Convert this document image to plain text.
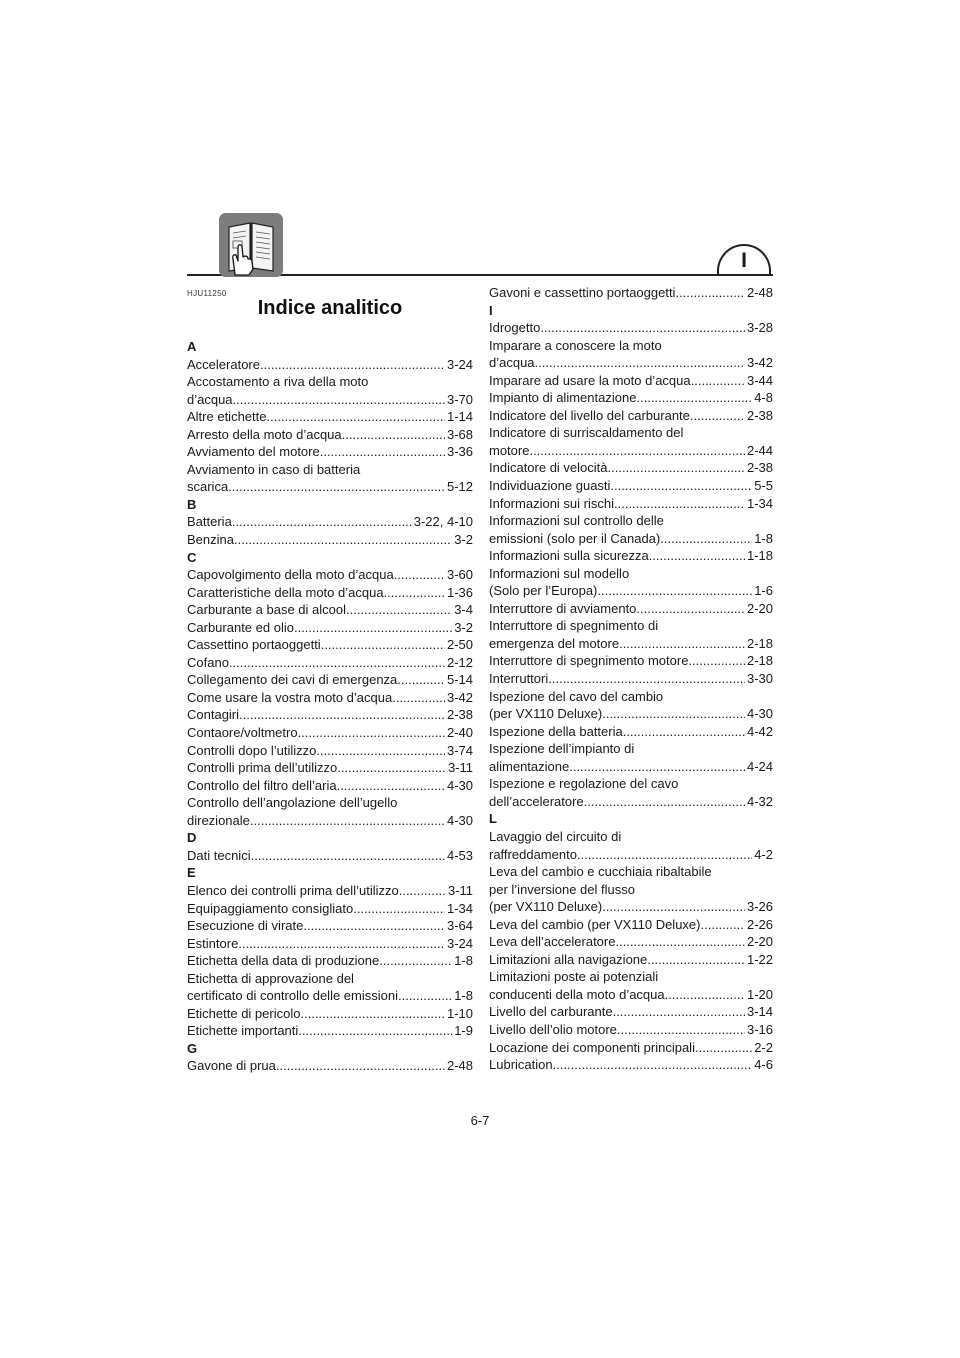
I
HJU11250
Indice analitico
A
Acceleratore .....	3-24
Accostamento a riva della moto
d’acqua .....	3-70
Altre etichette .....	1-14
Arresto della moto d’acqua .....	3-68
Avviamento del motore .....	3-36
Avviamento in caso di batteria
scarica .....	5-12
B
Batteria .....	3-22, 4-10
Benzina .....	3-2
C
Capovolgimento della moto d’acqua .....	3-60
Caratteristiche della moto d’acqua .....	1-36
Carburante a base di alcool .....	3-4
Carburante ed olio .....	3-2
Cassettino portaoggetti .....	2-50
Cofano .....	2-12
Collegamento dei cavi di emergenza .....	5-14
Come usare la vostra moto d’acqua .....	3-42
Contagiri .....	2-38
Contaore/voltmetro .....	2-40
Controlli dopo l’utilizzo .....	3-74
Controlli prima dell’utilizzo .....	3-11
Controllo del filtro dell’aria .....	4-30
Controllo dell’angolazione dell’ugello
direzionale .....	4-30
D
Dati tecnici .....	4-53
E
Elenco dei controlli prima dell’utilizzo .....	3-11
Equipaggiamento consigliato .....	1-34
Esecuzione di virate .....	3-64
Estintore .....	3-24
Etichetta della data di produzione .....	1-8
Etichetta di approvazione del
certificato di controllo delle emissioni .....	1-8
Etichette di pericolo .....	1-10
Etichette importanti .....	1-9
G
Gavone di prua .....	2-48
Gavoni e cassettino portaoggetti .....	2-48
I
Idrogetto .....	3-28
Imparare a conoscere la moto
d’acqua .....	3-42
Imparare ad usare la moto d’acqua .....	3-44
Impianto di alimentazione .....	4-8
Indicatore del livello del carburante .....	2-38
Indicatore di surriscaldamento del
motore .....	2-44
Indicatore di velocità .....	2-38
Individuazione guasti .....	5-5
Informazioni sui rischi .....	1-34
Informazioni sul controllo delle
emissioni (solo per il Canada) .....	1-8
Informazioni sulla sicurezza .....	1-18
Informazioni sul modello
(Solo per l’Europa) .....	1-6
Interruttore di avviamento .....	2-20
Interruttore di spegnimento di
emergenza del motore .....	2-18
Interruttore di spegnimento motore .....	2-18
Interruttori .....	3-30
Ispezione del cavo del cambio
(per VX110 Deluxe) .....	4-30
Ispezione della batteria .....	4-42
Ispezione dell’impianto di
alimentazione .....	4-24
Ispezione e regolazione del cavo
dell’acceleratore .....	4-32
L
Lavaggio del circuito di
raffreddamento .....	4-2
Leva del cambio e cucchiaia ribaltabile
per l’inversione del flusso
(per VX110 Deluxe) .....	3-26
Leva del cambio (per VX110 Deluxe) .....	2-26
Leva dell’acceleratore .....	2-20
Limitazioni alla navigazione .....	1-22
Limitazioni poste ai potenziali
conducenti della moto d’acqua .....	1-20
Livello del carburante .....	3-14
Livello dell’olio motore .....	3-16
Locazione dei componenti principali .....	2-2
Lubrication .....	4-6
6-7
